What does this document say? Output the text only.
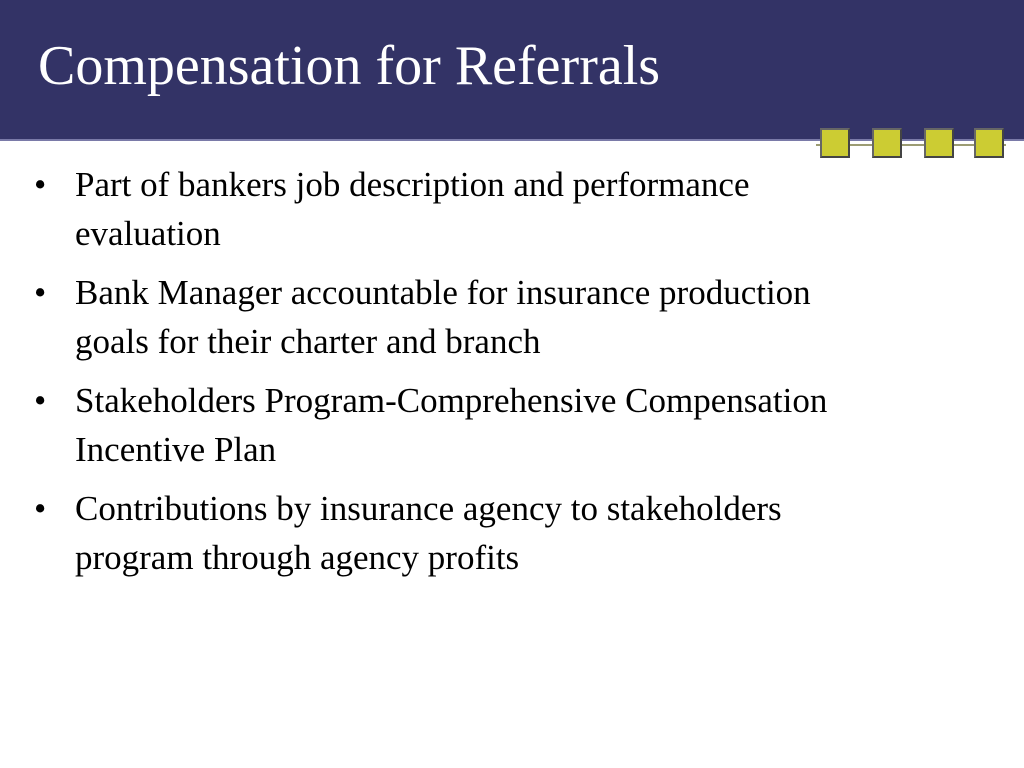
Compensation for Referrals
• Part of bankers job description and performance evaluation
• Bank Manager accountable for insurance production goals for their charter and branch
• Stakeholders Program-Comprehensive Compensation Incentive Plan
• Contributions by insurance agency to stakeholders program through agency profits
